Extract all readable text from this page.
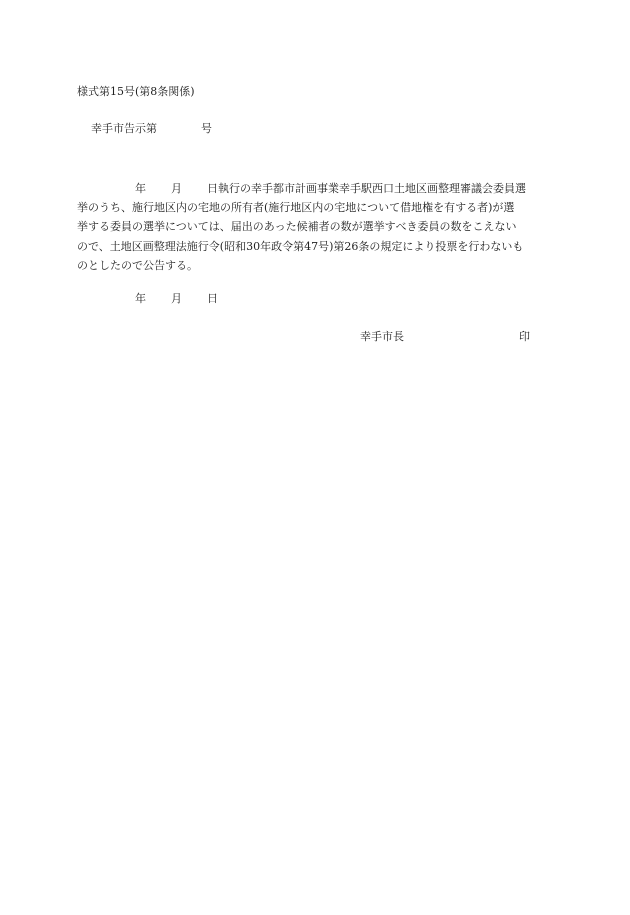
様式第15号(第8条関係)
幸手市告示第	号
年 月 日執行の幸手都市計画事業幸手駅西口土地区画整理審議会委員選
挙のうち、施行地区内の宅地の所有者(施行地区内の宅地について借地権を有する者)が選
挙する委員の選挙については、届出のあった候補者の数が選挙すべき委員の数をこえない
ので、土地区画整理法施行令(昭和30年政令第47号)第26条の規定により投票を行わないも
のとしたので公告する。
年 月 日
幸手市長	印
